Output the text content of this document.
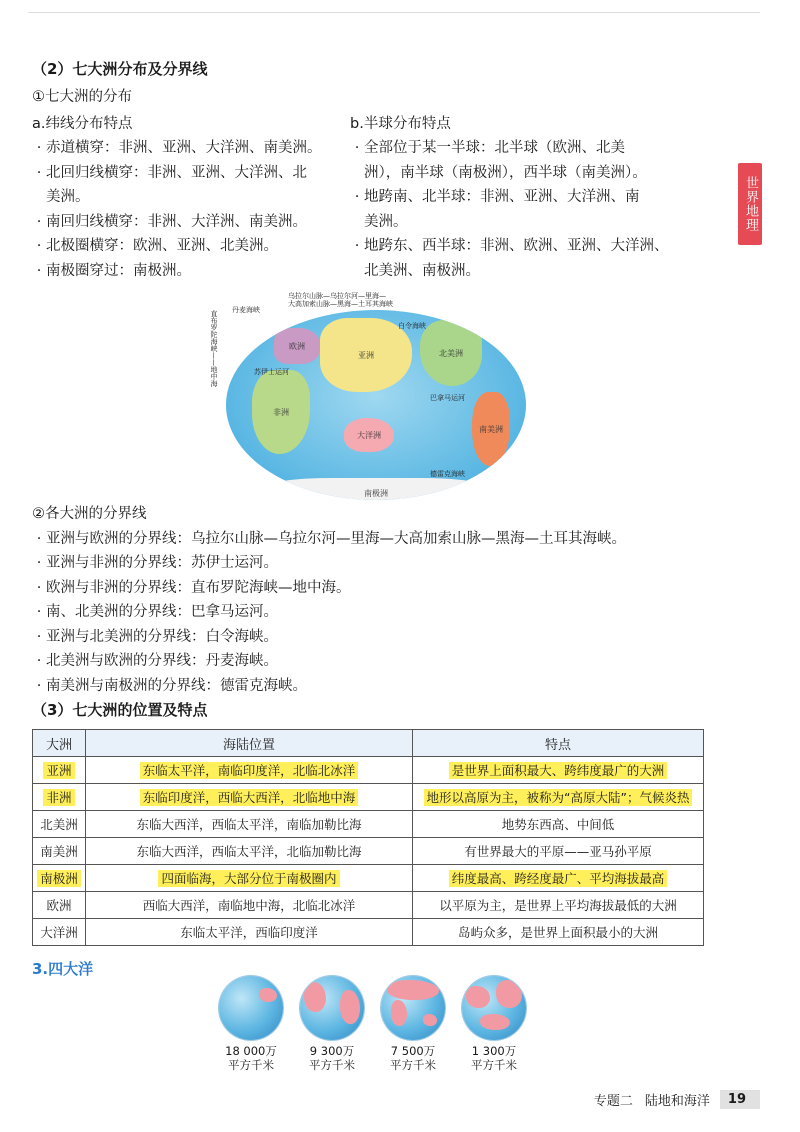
世界地理(上)
（2）七大洲分布及分界线
①七大洲的分布
a.纬线分布特点
· 赤道横穿：非洲、亚洲、大洋洲、南美洲。
· 北回归线横穿：非洲、亚洲、大洋洲、北
美洲。
· 南回归线横穿：非洲、大洋洲、南美洲。
· 北极圈横穿：欧洲、亚洲、北美洲。
· 南极圈穿过：南极洲。
b.半球分布特点
· 全部位于某一半球：北半球（欧洲、北美
洲），南半球（南极洲），西半球（南美洲）。
· 地跨南、北半球：非洲、亚洲、大洋洲、南
美洲。
· 地跨东、西半球：非洲、欧洲、亚洲、大洋洲、
北美洲、南极洲。
乌拉尔山脉—乌拉尔河—里海—
大高加索山脉—黑海—土耳其海峡
丹麦海峡
直布罗陀海峡——地中海	欧洲
亚洲
非洲
大洋洲
北美洲
南美洲
南极洲
苏伊士运河
白令海峡
巴拿马运河
德雷克海峡
②各大洲的分界线
· 亚洲与欧洲的分界线：乌拉尔山脉—乌拉尔河—里海—大高加索山脉—黑海—土耳其海峡。
· 亚洲与非洲的分界线：苏伊士运河。
· 欧洲与非洲的分界线：直布罗陀海峡—地中海。
· 南、北美洲的分界线：巴拿马运河。
· 亚洲与北美洲的分界线：白令海峡。
· 北美洲与欧洲的分界线：丹麦海峡。
· 南美洲与南极洲的分界线：德雷克海峡。
（3）七大洲的位置及特点
大洲	海陆位置	特点
亚洲	东临太平洋，南临印度洋，北临北冰洋	是世界上面积最大、跨纬度最广的大洲
非洲	东临印度洋，西临大西洋，北临地中海	地形以高原为主，被称为“高原大陆”；气候炎热
北美洲	东临大西洋，西临太平洋，南临加勒比海	地势东西高、中间低
南美洲	东临大西洋，西临太平洋，北临加勒比海	有世界最大的平原——亚马孙平原
南极洲	四面临海，大部分位于南极圈内	纬度最高、跨经度最广、平均海拔最高
欧洲	西临大西洋，南临地中海，北临北冰洋	以平原为主，是世界上平均海拔最低的大洲
大洋洲	东临太平洋，西临印度洋	岛屿众多，是世界上面积最小的大洲
3.四大洋
18 000万
平方千米
9 300万
平方千米
7 500万
平方千米
1 300万
平方千米
专题二 陆地和海洋	19
